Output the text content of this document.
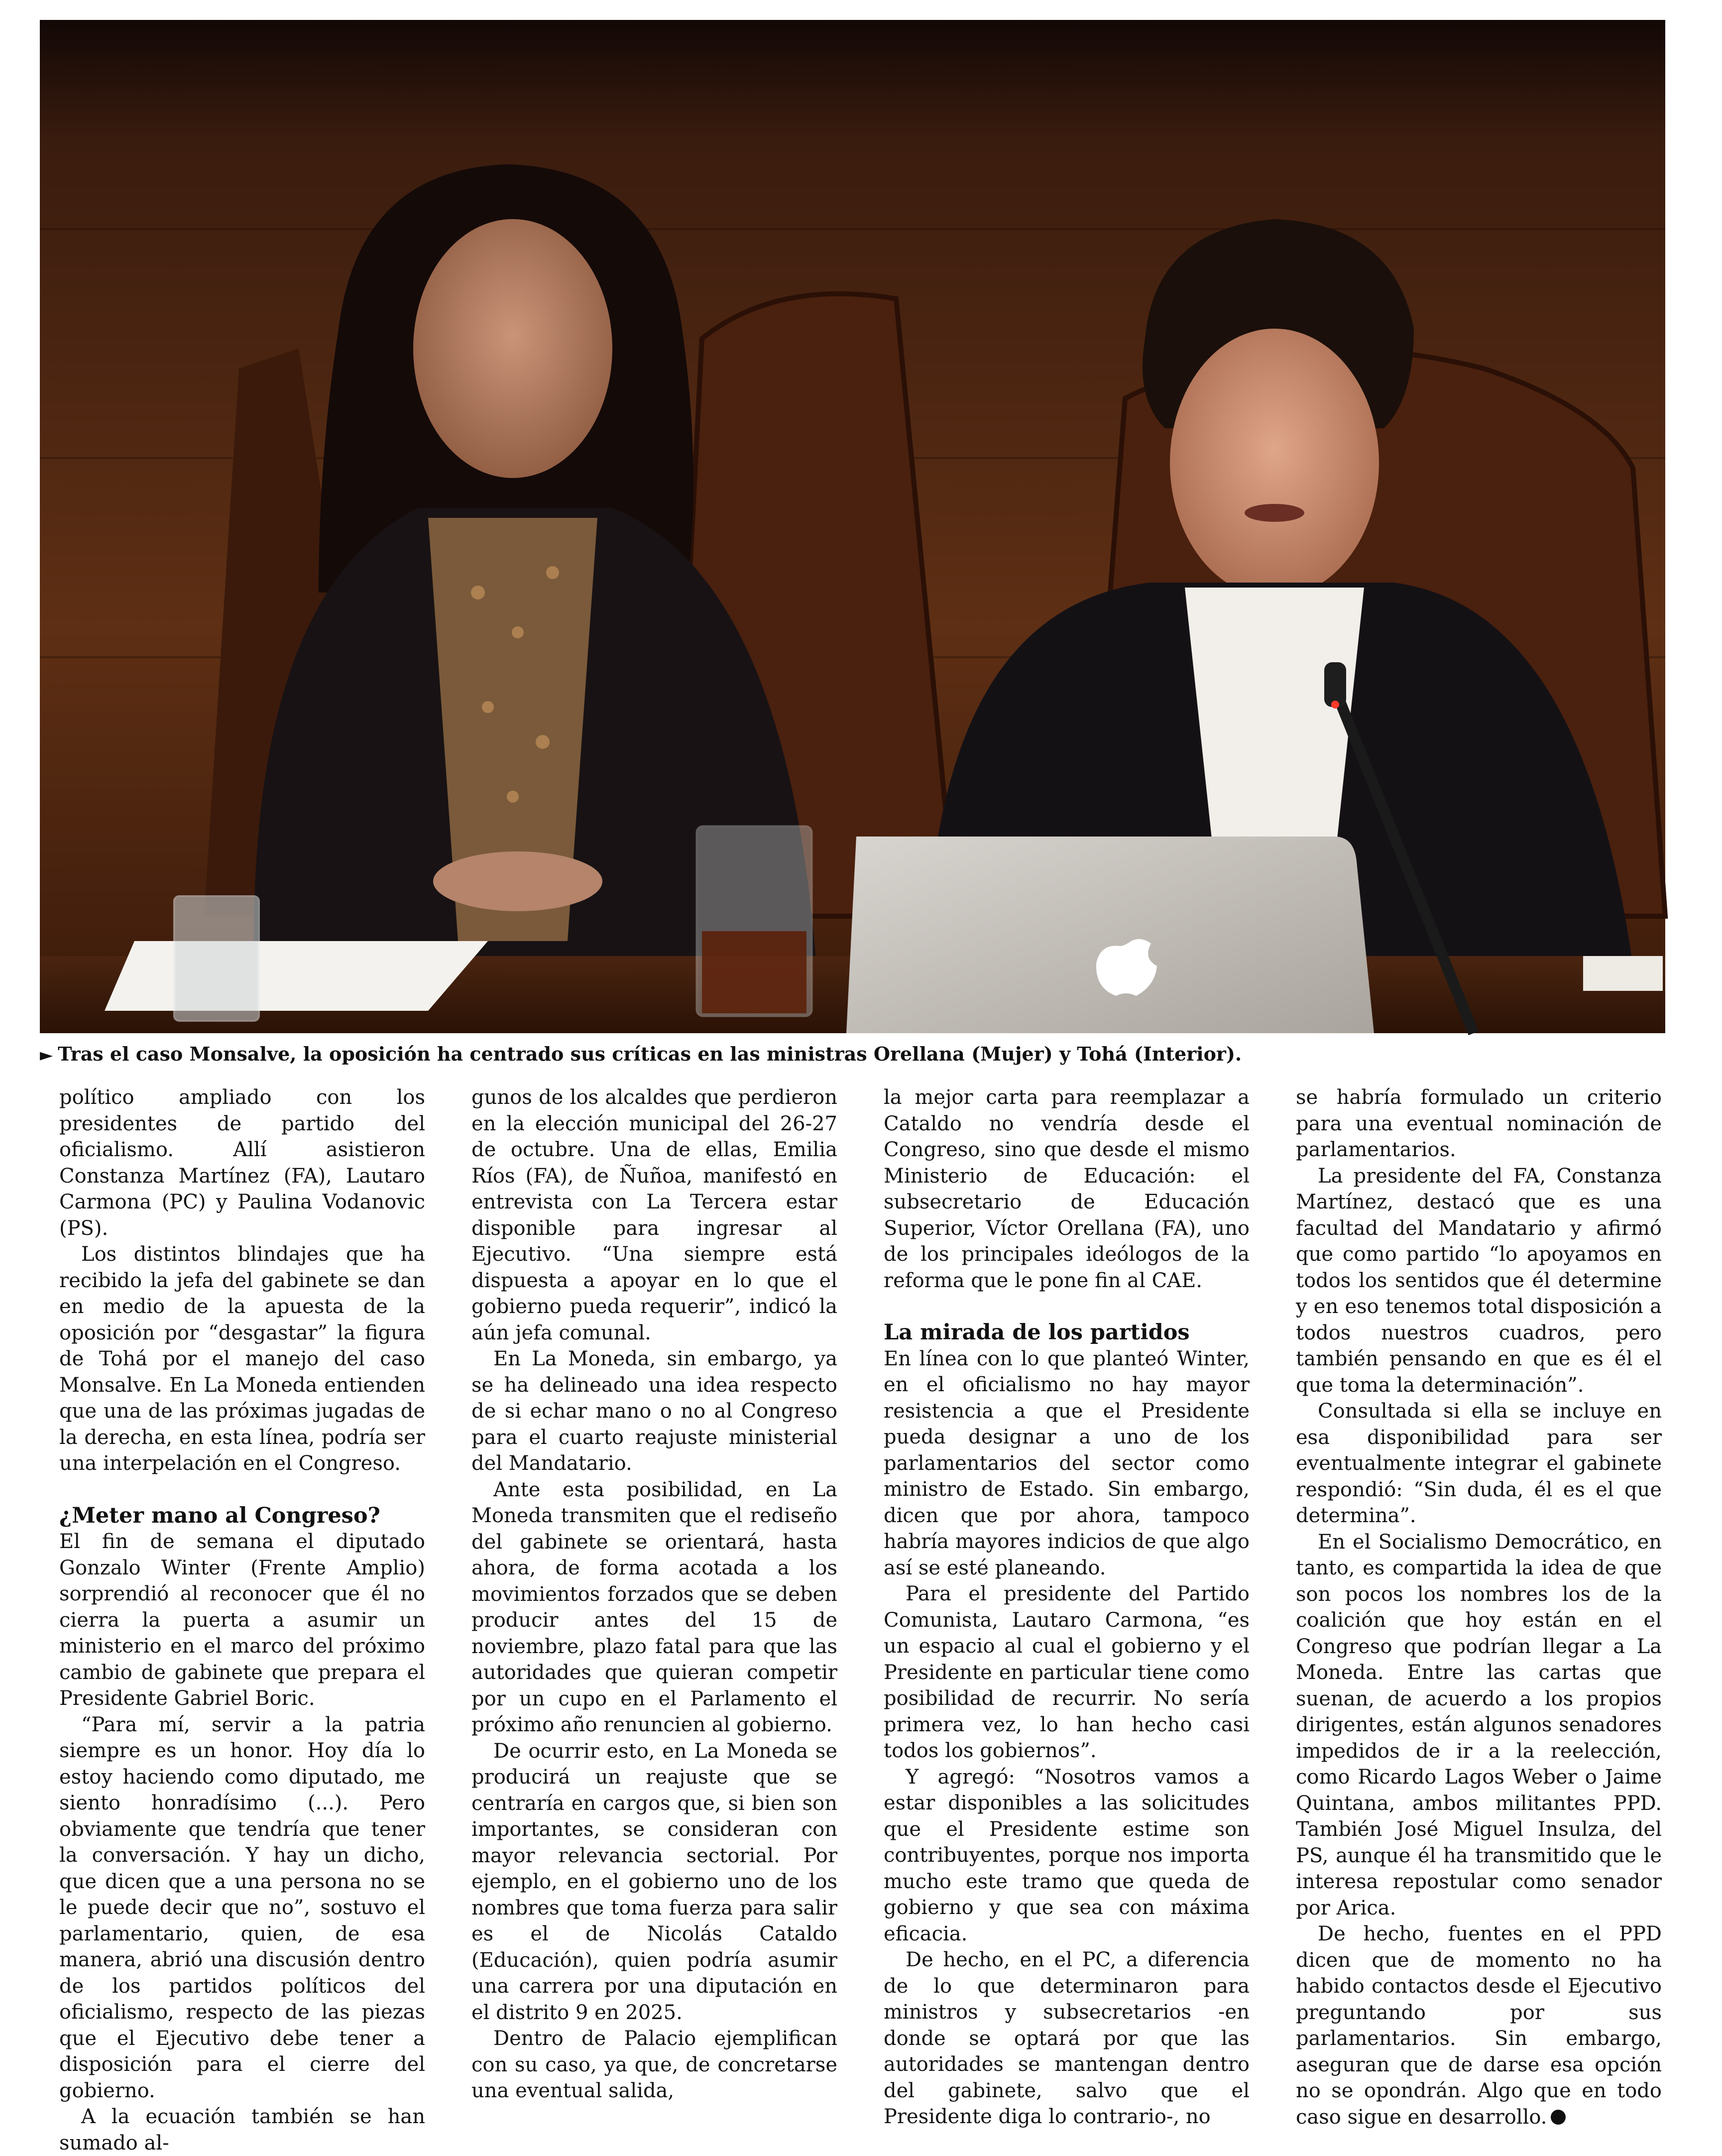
► Tras el caso Monsalve, la oposición ha centrado sus críticas en las ministras Orellana (Mujer) y Tohá (Interior).

político ampliado con los presidentes de partido del oficialismo. Allí asistieron Constanza Martínez (FA), Lautaro Carmona (PC) y Paulina Vodanovic (PS).

Los distintos blindajes que ha recibido la jefa del gabinete se dan en medio de la apuesta de la oposición por “desgastar” la figura de Tohá por el manejo del caso Monsalve. En La Moneda entienden que una de las próximas jugadas de la derecha, en esta línea, podría ser una interpelación en el Congreso.

¿Meter mano al Congreso?

El fin de semana el diputado Gonzalo Winter (Frente Amplio) sorprendió al reconocer que él no cierra la puerta a asumir un ministerio en el marco del próximo cambio de gabinete que prepara el Presidente Gabriel Boric.

“Para mí, servir a la patria siempre es un honor. Hoy día lo estoy haciendo como diputado, me siento honradísimo (...). Pero obviamente que tendría que tener la conversación. Y hay un dicho, que dicen que a una persona no se le puede decir que no”, sostuvo el parlamentario, quien, de esa manera, abrió una discusión dentro de los partidos políticos del oficialismo, respecto de las piezas que el Ejecutivo debe tener a disposición para el cierre del gobierno.

A la ecuación también se han sumado al-

gunos de los alcaldes que perdieron en la elección municipal del 26-27 de octubre. Una de ellas, Emilia Ríos (FA), de Ñuñoa, manifestó en entrevista con La Tercera estar disponible para ingresar al Ejecutivo. “Una siempre está dispuesta a apoyar en lo que el gobierno pueda requerir”, indicó la aún jefa comunal.

En La Moneda, sin embargo, ya se ha delineado una idea respecto de si echar mano o no al Congreso para el cuarto reajuste ministerial del Mandatario.

Ante esta posibilidad, en La Moneda transmiten que el rediseño del gabinete se orientará, hasta ahora, de forma acotada a los movimientos forzados que se deben producir antes del 15 de noviembre, plazo fatal para que las autoridades que quieran competir por un cupo en el Parlamento el próximo año renuncien al gobierno.

De ocurrir esto, en La Moneda se producirá un reajuste que se centraría en cargos que, si bien son importantes, se consideran con mayor relevancia sectorial. Por ejemplo, en el gobierno uno de los nombres que toma fuerza para salir es el de Nicolás Cataldo (Educación), quien podría asumir una carrera por una diputación en el distrito 9 en 2025.

Dentro de Palacio ejemplifican con su caso, ya que, de concretarse una eventual salida,

la mejor carta para reemplazar a Cataldo no vendría desde el Congreso, sino que desde el mismo Ministerio de Educación: el subsecretario de Educación Superior, Víctor Orellana (FA), uno de los principales ideólogos de la reforma que le pone fin al CAE.

La mirada de los partidos

En línea con lo que planteó Winter, en el oficialismo no hay mayor resistencia a que el Presidente pueda designar a uno de los parlamentarios del sector como ministro de Estado. Sin embargo, dicen que por ahora, tampoco habría mayores indicios de que algo así se esté planeando.

Para el presidente del Partido Comunista, Lautaro Carmona, “es un espacio al cual el gobierno y el Presidente en particular tiene como posibilidad de recurrir. No sería primera vez, lo han hecho casi todos los gobiernos”.

Y agregó: “Nosotros vamos a estar disponibles a las solicitudes que el Presidente estime son contribuyentes, porque nos importa mucho este tramo que queda de gobierno y que sea con máxima eficacia.

De hecho, en el PC, a diferencia de lo que determinaron para ministros y subsecretarios -en donde se optará por que las autoridades se mantengan dentro del gabinete, salvo que el Presidente diga lo contrario-, no

se habría formulado un criterio para una eventual nominación de parlamentarios.

La presidente del FA, Constanza Martínez, destacó que es una facultad del Mandatario y afirmó que como partido “lo apoyamos en todos los sentidos que él determine y en eso tenemos total disposición a todos nuestros cuadros, pero también pensando en que es él el que toma la determinación”.

Consultada si ella se incluye en esa disponibilidad para ser eventualmente integrar el gabinete respondió: “Sin duda, él es el que determina”.

En el Socialismo Democrático, en tanto, es compartida la idea de que son pocos los nombres los de la coalición que hoy están en el Congreso que podrían llegar a La Moneda. Entre las cartas que suenan, de acuerdo a los propios dirigentes, están algunos senadores impedidos de ir a la reelección, como Ricardo Lagos Weber o Jaime Quintana, ambos militantes PPD. También José Miguel Insulza, del PS, aunque él ha transmitido que le interesa repostular como senador por Arica.

De hecho, fuentes en el PPD dicen que de momento no ha habido contactos desde el Ejecutivo preguntando por sus parlamentarios. Sin embargo, aseguran que de darse esa opción no se opondrán. Algo que en todo caso sigue en desarrollo.
